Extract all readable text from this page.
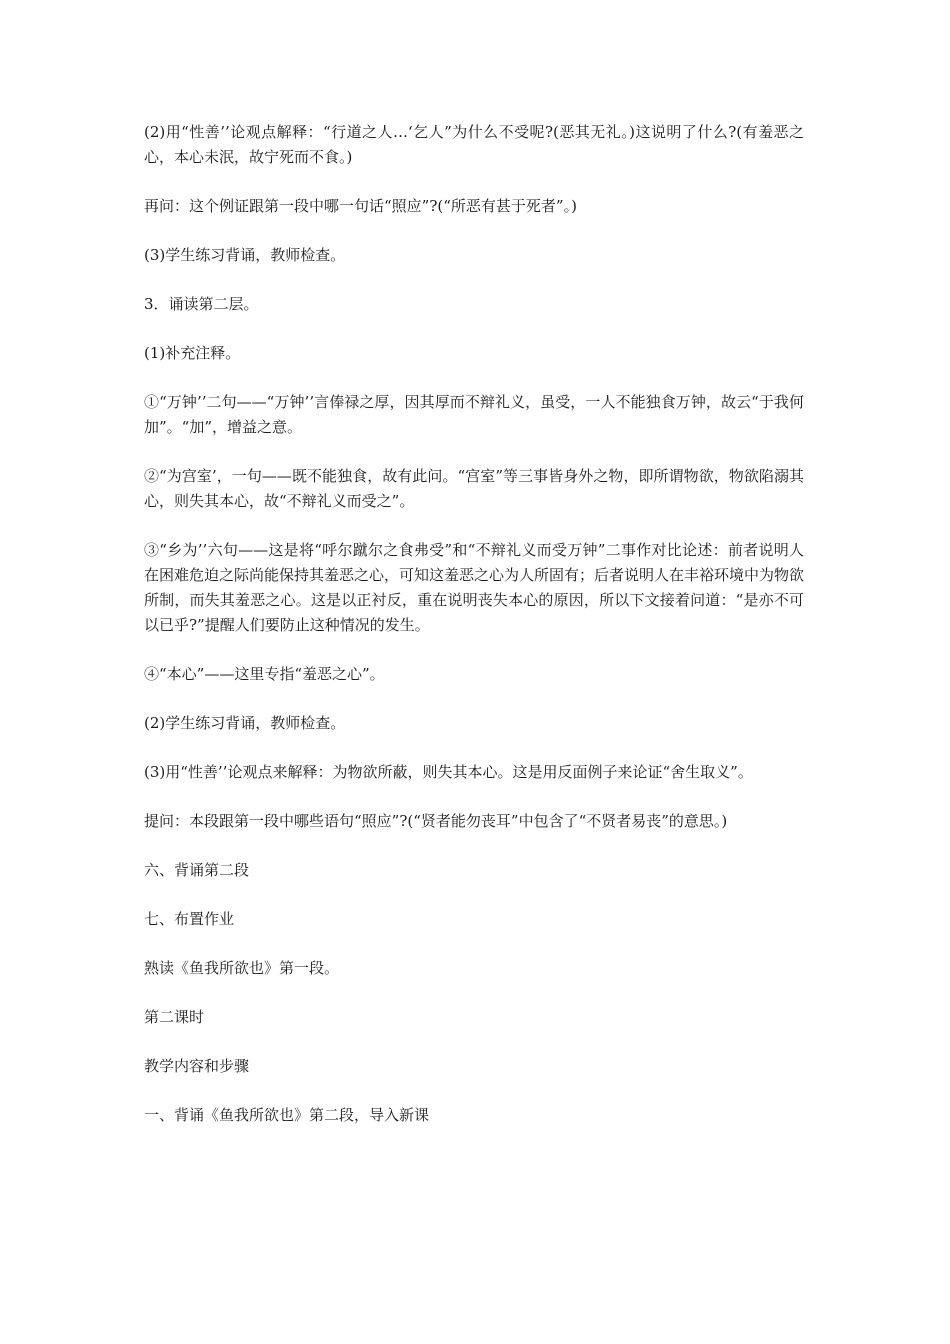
(2)用“性善’’论观点解释：“行道之人…‘乞人”为什么不受呢?(恶其无礼。)这说明了什么?(有羞恶之心，本心未泯，故宁死而不食。)

再问：这个例证跟第一段中哪一句话“照应”?(“所恶有甚于死者”。)

(3)学生练习背诵，教师检查。

3．诵读第二层。

(1)补充注释。

①“万钟’’二句——“万钟’’言俸禄之厚，因其厚而不辩礼义，虽受，一人不能独食万钟，故云“于我何加”。“加”，增益之意。

②“为宫室’，一句——既不能独食，故有此问。“宫室”等三事皆身外之物，即所谓物欲，物欲陷溺其心，则失其本心，故“不辩礼义而受之”。

③“乡为’’六句——这是将“呼尔蹴尔之食弗受”和“不辩礼义而受万钟”二事作对比论述：前者说明人在困难危迫之际尚能保持其羞恶之心，可知这羞恶之心为人所固有；后者说明人在丰裕环境中为物欲所制，而失其羞恶之心。这是以正衬反，重在说明丧失本心的原因，所以下文接着问道：“是亦不可以已乎?”提醒人们要防止这种情况的发生。

④“本心”——这里专指“羞恶之心”。

(2)学生练习背诵，教师检查。

(3)用“性善’’论观点来解释：为物欲所蔽，则失其本心。这是用反面例子来论证“舍生取义”。

提问：本段跟第一段中哪些语句“照应”?(“贤者能勿丧耳”中包含了“不贤者易丧”的意思。)

六、背诵第二段

七、布置作业

熟读《鱼我所欲也》第一段。

第二课时

教学内容和步骤

一、背诵《鱼我所欲也》第二段，导入新课
